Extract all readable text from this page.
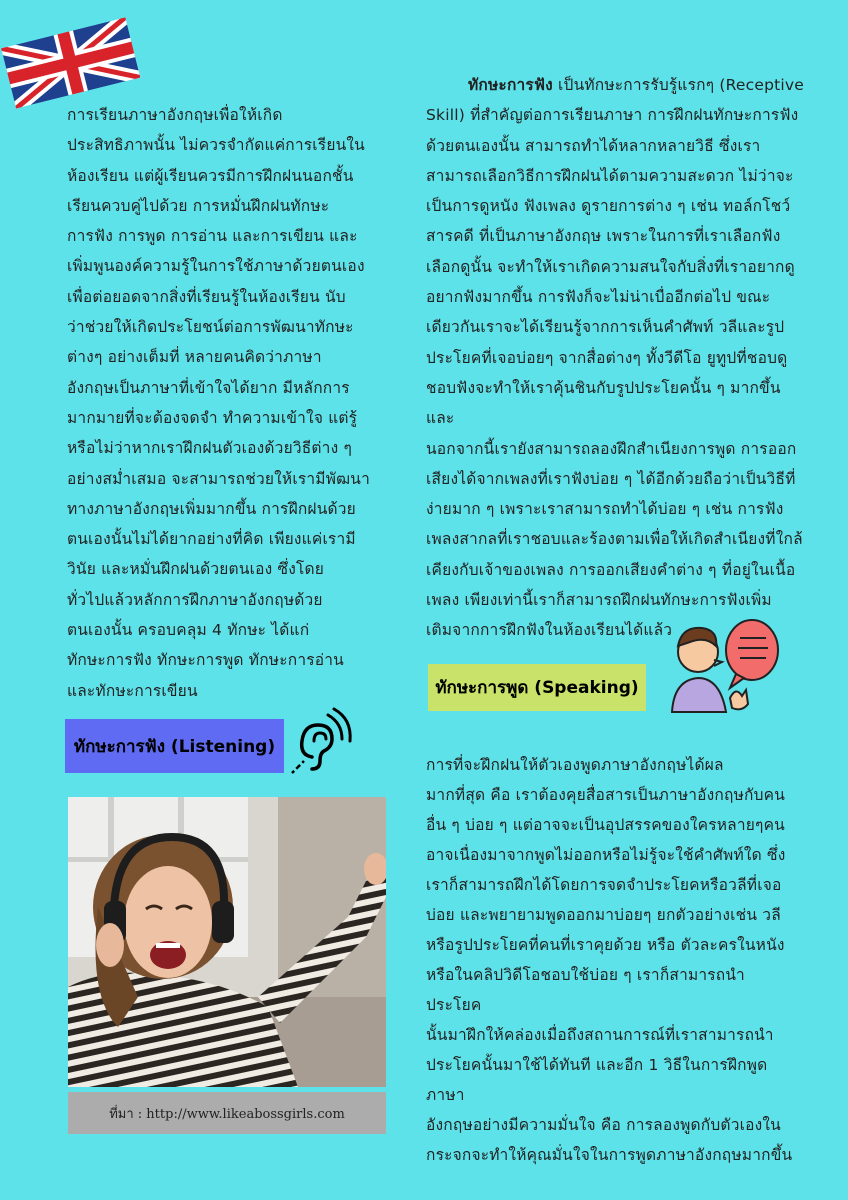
การเรียนภาษาอังกฤษเพื่อให้เกิด
ประสิทธิภาพนั้น ไม่ควรจำกัดแค่การเรียนใน
ห้องเรียน แต่ผู้เรียนควรมีการฝึกฝนนอกชั้น
เรียนควบคู่ไปด้วย การหมั่นฝึกฝนทักษะ
การฟัง การพูด การอ่าน และการเขียน และ
เพิ่มพูนองค์ความรู้ในการใช้ภาษาด้วยตนเอง
เพื่อต่อยอดจากสิ่งที่เรียนรู้ในห้องเรียน นับ
ว่าช่วยให้เกิดประโยชน์ต่อการพัฒนาทักษะ
ต่างๆ อย่างเต็มที่ หลายคนคิดว่าภาษา
อังกฤษเป็นภาษาที่เข้าใจได้ยาก มีหลักการ
มากมายที่จะต้องจดจำ ทำความเข้าใจ แต่รู้
หรือไม่ว่าหากเราฝึกฝนตัวเองด้วยวิธีต่าง ๆ
อย่างสม่ำเสมอ จะสามารถช่วยให้เรามีพัฒนา
ทางภาษาอังกฤษเพิ่มมากขึ้น การฝึกฝนด้วย
ตนเองนั้นไม่ได้ยากอย่างที่คิด เพียงแค่เรามี
วินัย และหมั่นฝึกฝนด้วยตนเอง ซึ่งโดย
ทั่วไปแล้วหลักการฝึกภาษาอังกฤษด้วย
ตนเองนั้น ครอบคลุม 4 ทักษะ ได้แก่
ทักษะการฟัง ทักษะการพูด ทักษะการอ่าน
และทักษะการเขียน

ทักษะการฟัง เป็นทักษะการรับรู้แรกๆ (Receptive
Skill) ที่สำคัญต่อการเรียนภาษา การฝึกฝนทักษะการฟัง
ด้วยตนเองนั้น สามารถทำได้หลากหลายวิธี ซึ่งเรา
สามารถเลือกวิธีการฝึกฝนได้ตามความสะดวก ไม่ว่าจะ
เป็นการดูหนัง ฟังเพลง ดูรายการต่าง ๆ เช่น ทอล์กโชว์
สารคดี ที่เป็นภาษาอังกฤษ เพราะในการที่เราเลือกฟัง
เลือกดูนั้น จะทำให้เราเกิดความสนใจกับสิ่งที่เราอยากดู
อยากฟังมากขึ้น การฟังก็จะไม่น่าเบื่ออีกต่อไป ขณะ
เดียวกันเราจะได้เรียนรู้จากการเห็นคำศัพท์ วลีและรูป
ประโยคที่เจอบ่อยๆ จากสื่อต่างๆ ทั้งวีดีโอ ยูทูปที่ชอบดู
ชอบฟังจะทำให้เราคุ้นชินกับรูปประโยคนั้น ๆ มากขึ้นและ
นอกจากนี้เรายังสามารถลองฝึกสำเนียงการพูด การออก
เสียงได้จากเพลงที่เราฟังบ่อย ๆ ได้อีกด้วยถือว่าเป็นวิธีที่
ง่ายมาก ๆ เพราะเราสามารถทำได้บ่อย ๆ เช่น การฟัง
เพลงสากลที่เราชอบและร้องตามเพื่อให้เกิดสำเนียงที่ใกล้
เคียงกับเจ้าของเพลง การออกเสียงคำต่าง ๆ ที่อยู่ในเนื้อ
เพลง เพียงเท่านี้เราก็สามารถฝึกฝนทักษะการฟังเพิ่ม
เติมจากการฝึกฟังในห้องเรียนได้แล้ว

ทักษะการพูด (Speaking)
ทักษะการฟัง (Listening)
ที่มา : http://www.likeabossgirls.com

การที่จะฝึกฝนให้ตัวเองพูดภาษาอังกฤษได้ผล
มากที่สุด คือ เราต้องคุยสื่อสารเป็นภาษาอังกฤษกับคน
อื่น ๆ บ่อย ๆ แต่อาจจะเป็นอุปสรรคของใครหลายๆคน
อาจเนื่องมาจากพูดไม่ออกหรือไม่รู้จะใช้คำศัพท์ใด ซึ่ง
เราก็สามารถฝึกได้โดยการจดจำประโยคหรือวลีที่เจอ
บ่อย และพยายามพูดออกมาบ่อยๆ ยกตัวอย่างเช่น วลี
หรือรูปประโยคที่คนที่เราคุยด้วย หรือ ตัวละครในหนัง
หรือในคลิปวิดีโอชอบใช้บ่อย ๆ เราก็สามารถนำประโยค
นั้นมาฝึกให้คล่องเมื่อถึงสถานการณ์ที่เราสามารถนำ
ประโยคนั้นมาใช้ได้ทันที และอีก 1 วิธีในการฝึกพูดภาษา
อังกฤษอย่างมีความมั่นใจ คือ การลองพูดกับตัวเองใน
กระจกจะทำให้คุณมั่นใจในการพูดภาษาอังกฤษมากขึ้น
